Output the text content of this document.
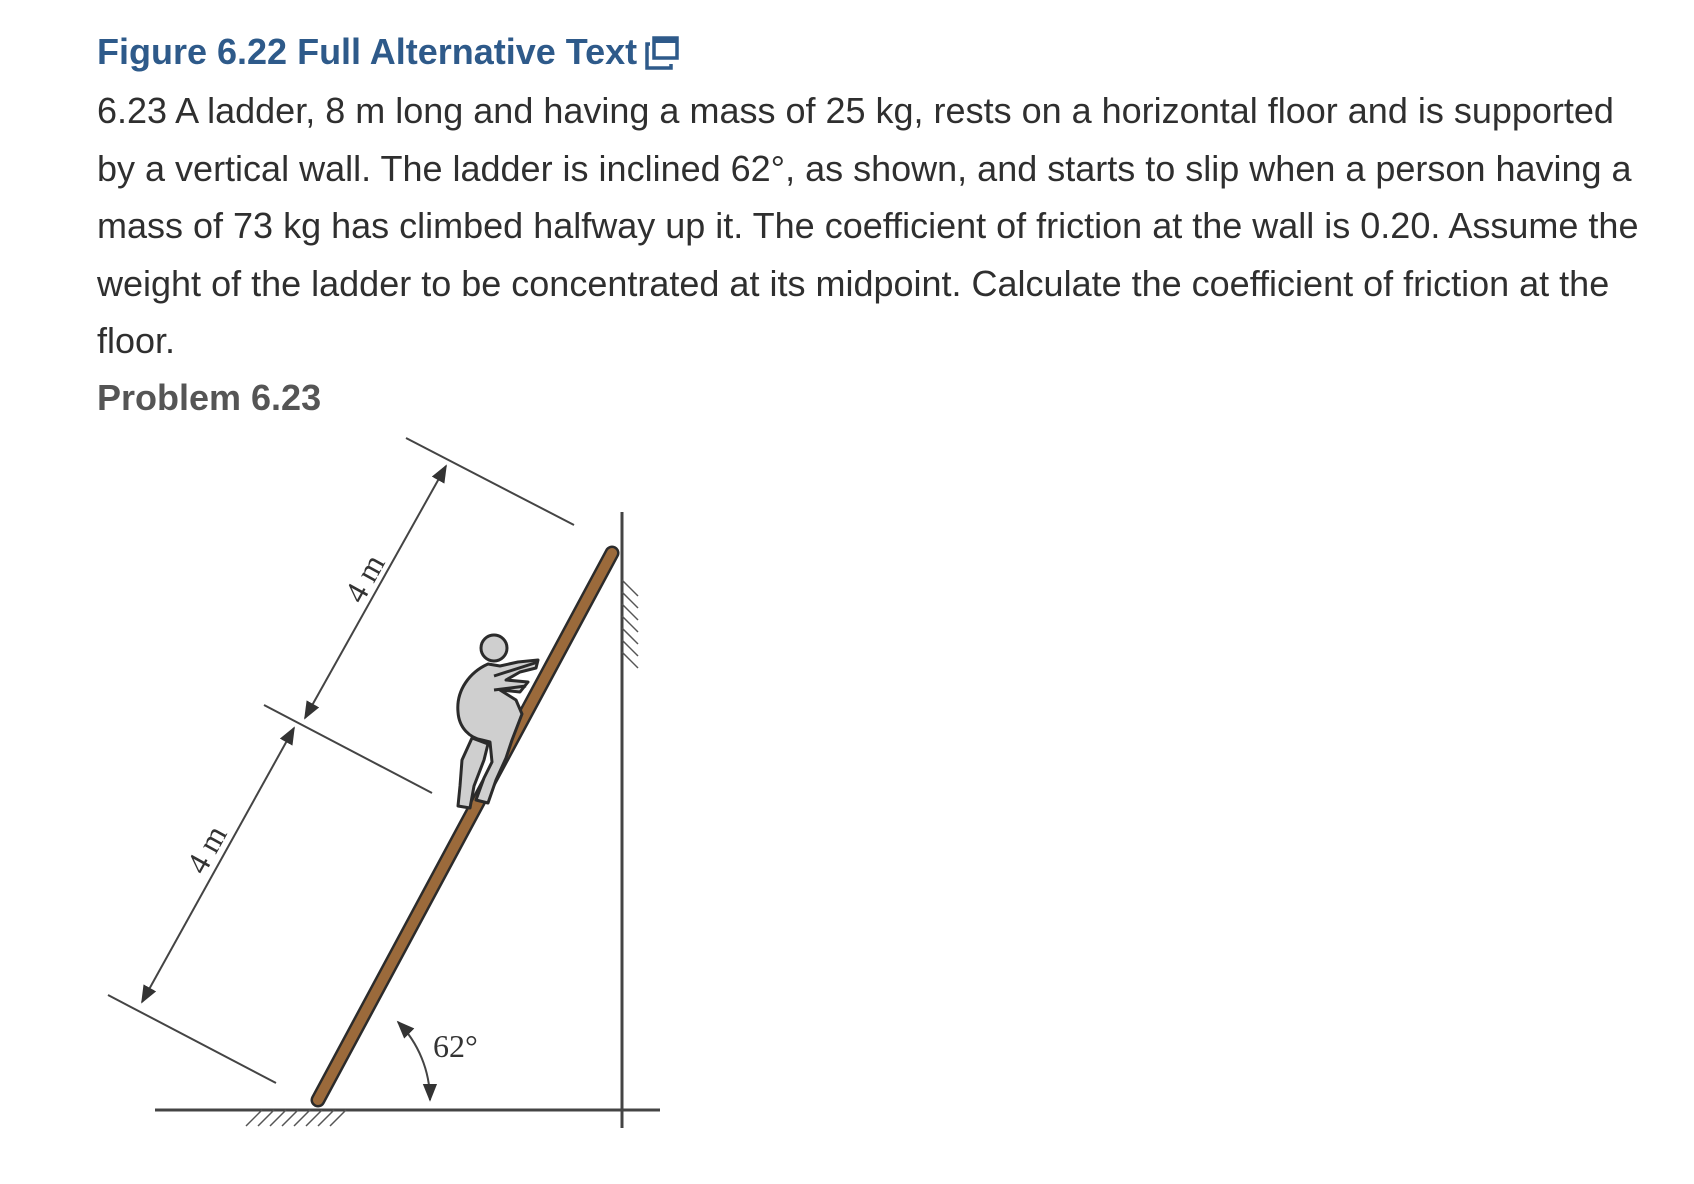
Figure 6.22 Full Alternative Text

6.23 A ladder, 8 m long and having a mass of 25 kg, rests on a horizontal floor and is supported by a vertical wall. The ladder is inclined 62°, as shown, and starts to slip when a person having a mass of 73 kg has climbed halfway up it. The coefficient of friction at the wall is 0.20. Assume the weight of the ladder to be concentrated at its midpoint. Calculate the coefficient of friction at the floor.

Problem 6.23
4 m
4 m
62°
